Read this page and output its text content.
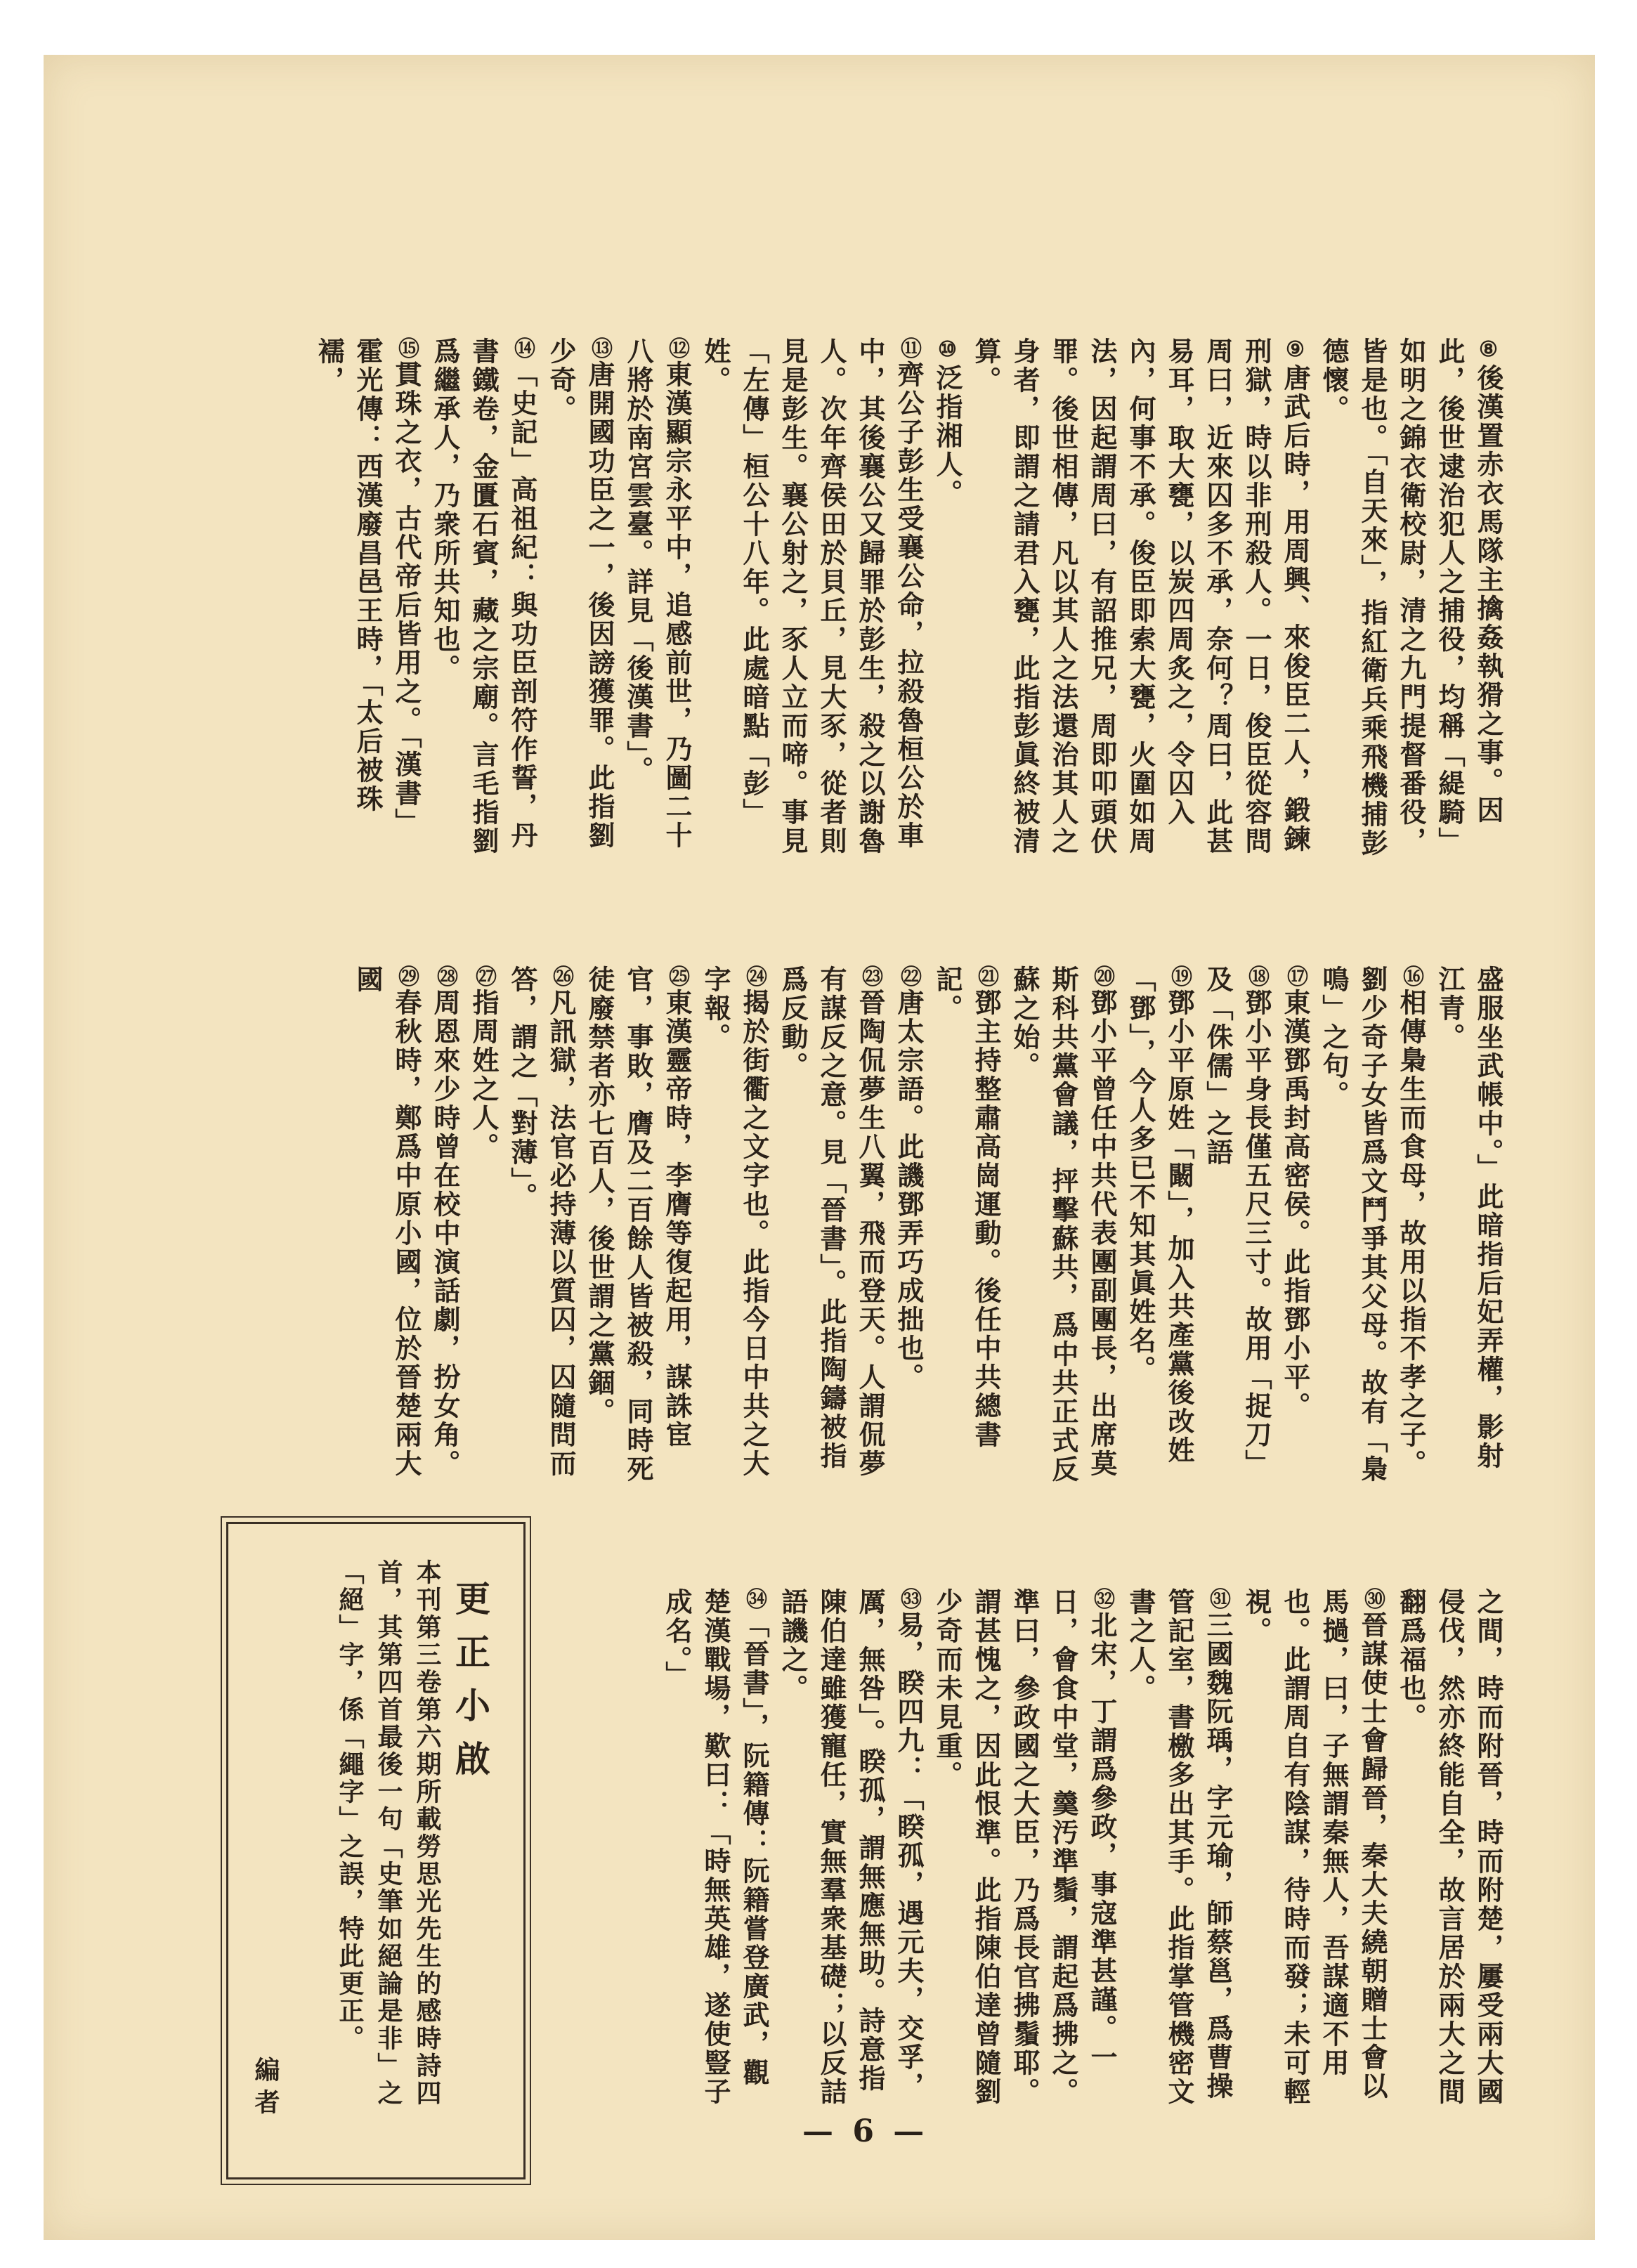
⑧後漢置赤衣馬隊主擒姦執猾之事。因此，後世逮治犯人之捕役，均稱「緹騎」如明之錦衣衛校尉，清之九門提督番役，皆是也。「自天來」，指紅衛兵乘飛機捕彭德懷。

⑨唐武后時，用周興、來俊臣二人，鍛鍊刑獄，時以非刑殺人。一日，俊臣從容問周曰，近來囚多不承，奈何？周曰，此甚易耳，取大甕，以炭四周炙之，令囚入內，何事不承。俊臣即索大甕，火圍如周法，因起謂周曰，有詔推兄，周即叩頭伏罪。後世相傳，凡以其人之法還治其人之身者，即謂之請君入甕，此指彭眞終被清算。

⑩泛指湘人。

⑪齊公子彭生受襄公命，拉殺魯桓公於車中，其後襄公又歸罪於彭生，殺之以謝魯人。次年齊侯田於貝丘，見大豕，從者則見是彭生。襄公射之，豕人立而啼。事見「左傳」桓公十八年。此處暗點「彭」姓。

⑫東漢顯宗永平中，追感前世，乃圖二十八將於南宮雲臺。詳見「後漢書」。

⑬唐開國功臣之一，後因謗獲罪。此指劉少奇。

⑭「史記」高祖紀：與功臣剖符作誓，丹書鐵卷，金匱石賓，藏之宗廟。言毛指劉爲繼承人，乃衆所共知也。

⑮貫珠之衣，古代帝后皆用之。「漢書」霍光傳：西漢廢昌邑王時，「太后被珠襦，

盛服坐武帳中。」此暗指后妃弄權，影射江青。

⑯相傳梟生而食母，故用以指不孝之子。劉少奇子女皆爲文鬥爭其父母。故有「梟鳴」之句。

⑰東漢鄧禹封高密侯。此指鄧小平。

⑱鄧小平身長僅五尺三寸。故用「捉刀」及「侏儒」之語

⑲鄧小平原姓「闞」，加入共產黨後改姓「鄧」，今人多已不知其眞姓名。

⑳鄧小平曾任中共代表團副團長，出席莫斯科共黨會議，抨擊蘇共，爲中共正式反蘇之始。

㉑鄧主持整肅高崗運動。後任中共總書記。

㉒唐太宗語。此譏鄧弄巧成拙也。

㉓晉陶侃夢生八翼，飛而登天。人謂侃夢有謀反之意。見「晉書」。此指陶鑄被指爲反動。

㉔揭於街衢之文字也。此指今日中共之大字報。

㉕東漢靈帝時，李膺等復起用，謀誅宦官，事敗，膺及二百餘人皆被殺，同時死徒廢禁者亦七百人，後世謂之黨錮。

㉖凡訊獄，法官必持薄以質囚，囚隨問而答，謂之「對薄」。

㉗指周姓之人。

㉘周恩來少時曾在校中演話劇，扮女角。

㉙春秋時，鄭爲中原小國，位於晉楚兩大國

之間，時而附晉，時而附楚，屢受兩大國侵伐，然亦終能自全，故言居於兩大之間翻爲福也。

㉚晉謀使士會歸晉，秦大夫繞朝贈士會以馬撾，曰，子無謂秦無人，吾謀適不用也。此謂周自有陰謀，待時而發；未可輕視。

㉛三國魏阮瑀，字元瑜，師蔡邕，爲曹操管記室，書檄多出其手。此指掌管機密文書之人。

㉜北宋，丁謂爲參政，事寇準甚謹。一日，會食中堂，羹汚準鬚，謂起爲拂之。準曰，參政國之大臣，乃爲長官拂鬚耶。謂甚愧之，因此恨準。此指陳伯達曾隨劉少奇而未見重。

㉝易，睽四九：「睽孤，遇元夫，交孚，厲，無咎」。睽孤，謂無應無助。詩意指陳伯達雖獲寵任，實無羣衆基礎；以反詰語譏之。

㉞「晉書」，阮籍傳：阮籍嘗登廣武，觀楚漢戰場，歎曰：「時無英雄，遂使豎子成名。」

更正小啟
本刊第三卷第六期所載勞思光先生的感時詩四首，其第四首最後一句「史筆如絕論是非」之「絕」字，係「繩字」之誤，特此更正。
編者
— 6 —
